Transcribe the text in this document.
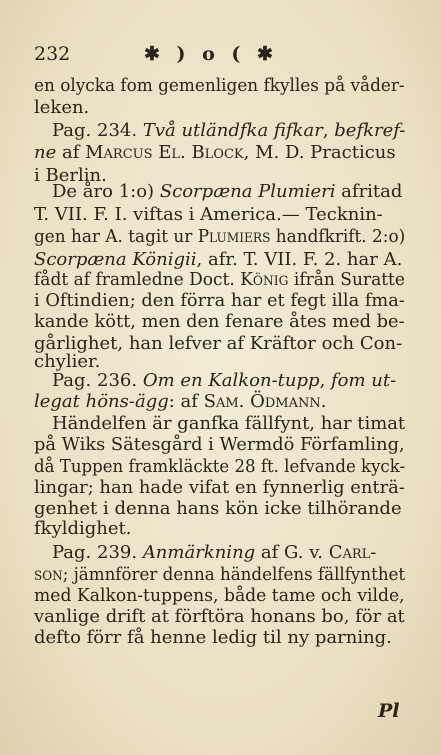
232	✱ ) o ( ✱
en olycka fom gemenligen fkylles på våder-
leken.
Pag. 234. Två utländfka fifkar, befkref-
ne af Marcus El. Block, M. D. Practicus
i Berlin.
De åro 1:o) Scorpæna Plumieri afritad
T. VII. F. I. viftas i America.— Tecknin-
gen har A. tagit ur Plumiers handfkrift. 2:o)
Scorpæna Königii, afr. T. VII. F. 2. har A.
fådt af framledne Doct. König ifrån Suratte
i Oftindien; den förra har et fegt illa fma-
kande kött, men den fenare åtes med be-
gårlighet, han lefver af Kräftor och Con-
chylier.
Pag. 236. Om en Kalkon-tupp, fom ut-
legat höns-ägg: af Sam. Ödmann.
Händelfen är ganfka fällfynt, har timat
på Wiks Sätesgård i Wermdö Förfamling,
då Tuppen framkläckte 28 ft. lefvande kyck-
lingar; han hade vifat en fynnerlig enträ-
genhet i denna hans kön icke tilhörande
fkyldighet.
Pag. 239. Anmärkning af G. v. Carl-
son; jämnförer denna händelfens fällfynthet
med Kalkon-tuppens, både tame och vilde,
vanlige drift at förftöra honans bo, för at
defto förr få henne ledig til ny parning.
Pl
